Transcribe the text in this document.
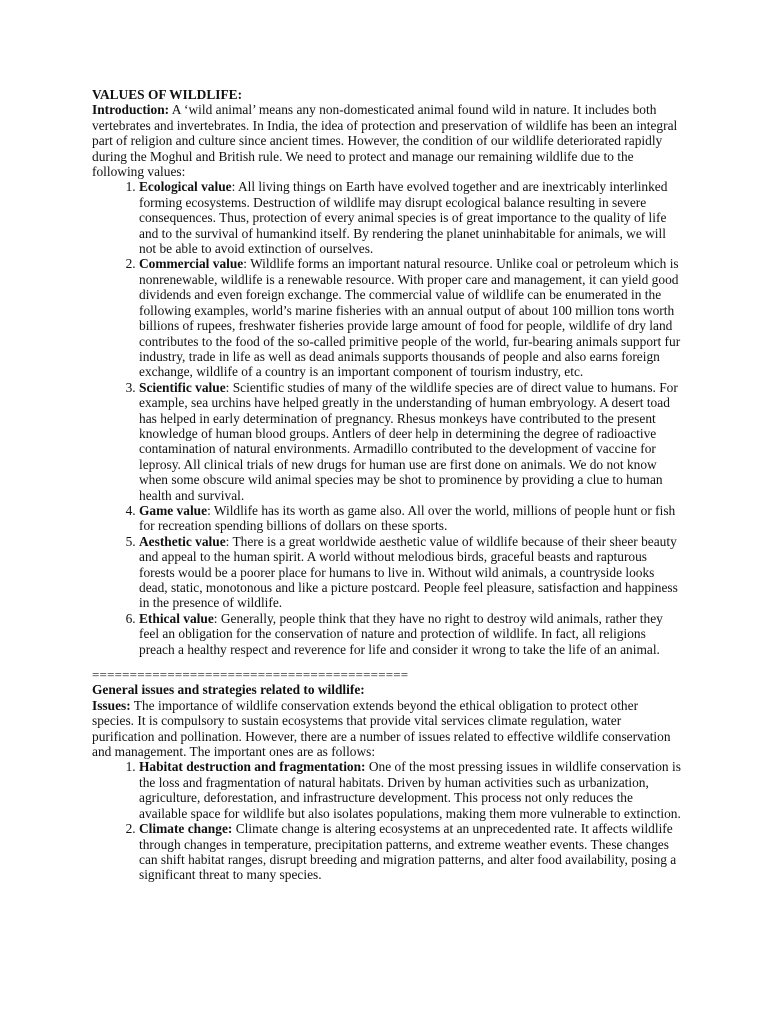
VALUES OF WILDLIFE:

Introduction: A ‘wild animal’ means any non-domesticated animal found wild in nature. It includes both vertebrates and invertebrates. In India, the idea of protection and preservation of wildlife has been an integral part of religion and culture since ancient times. However, the condition of our wildlife deteriorated rapidly during the Moghul and British rule. We need to protect and manage our remaining wildlife due to the following values:

1. Ecological value: All living things on Earth have evolved together and are inextricably interlinked forming ecosystems. Destruction of wildlife may disrupt ecological balance resulting in severe consequences. Thus, protection of every animal species is of great importance to the quality of life and to the survival of humankind itself. By rendering the planet uninhabitable for animals, we will not be able to avoid extinction of ourselves.
2. Commercial value: Wildlife forms an important natural resource. Unlike coal or petroleum which is nonrenewable, wildlife is a renewable resource. With proper care and management, it can yield good dividends and even foreign exchange. The commercial value of wildlife can be enumerated in the following examples, world’s marine fisheries with an annual output of about 100 million tons worth billions of rupees, freshwater fisheries provide large amount of food for people, wildlife of dry land contributes to the food of the so-called primitive people of the world, fur-bearing animals support fur industry, trade in life as well as dead animals supports thousands of people and also earns foreign exchange, wildlife of a country is an important component of tourism industry, etc.
3. Scientific value: Scientific studies of many of the wildlife species are of direct value to humans. For example, sea urchins have helped greatly in the understanding of human embryology. A desert toad has helped in early determination of pregnancy. Rhesus monkeys have contributed to the present knowledge of human blood groups. Antlers of deer help in determining the degree of radioactive contamination of natural environments. Armadillo contributed to the development of vaccine for leprosy. All clinical trials of new drugs for human use are first done on animals. We do not know when some obscure wild animal species may be shot to prominence by providing a clue to human health and survival.
4. Game value: Wildlife has its worth as game also. All over the world, millions of people hunt or fish for recreation spending billions of dollars on these sports.
5. Aesthetic value: There is a great worldwide aesthetic value of wildlife because of their sheer beauty and appeal to the human spirit. A world without melodious birds, graceful beasts and rapturous forests would be a poorer place for humans to live in. Without wild animals, a countryside looks dead, static, monotonous and like a picture postcard. People feel pleasure, satisfaction and happiness in the presence of wildlife.
6. Ethical value: Generally, people think that they have no right to destroy wild animals, rather they feel an obligation for the conservation of nature and protection of wildlife. In fact, all religions preach a healthy respect and reverence for life and consider it wrong to take the life of an animal.
==========================================
General issues and strategies related to wildlife:

Issues: The importance of wildlife conservation extends beyond the ethical obligation to protect other species. It is compulsory to sustain ecosystems that provide vital services climate regulation, water purification and pollination. However, there are a number of issues related to effective wildlife conservation and management. The important ones are as follows:

1. Habitat destruction and fragmentation: One of the most pressing issues in wildlife conservation is the loss and fragmentation of natural habitats. Driven by human activities such as urbanization, agriculture, deforestation, and infrastructure development. This process not only reduces the available space for wildlife but also isolates populations, making them more vulnerable to extinction.
2. Climate change: Climate change is altering ecosystems at an unprecedented rate. It affects wildlife through changes in temperature, precipitation patterns, and extreme weather events. These changes can shift habitat ranges, disrupt breeding and migration patterns, and alter food availability, posing a significant threat to many species.
